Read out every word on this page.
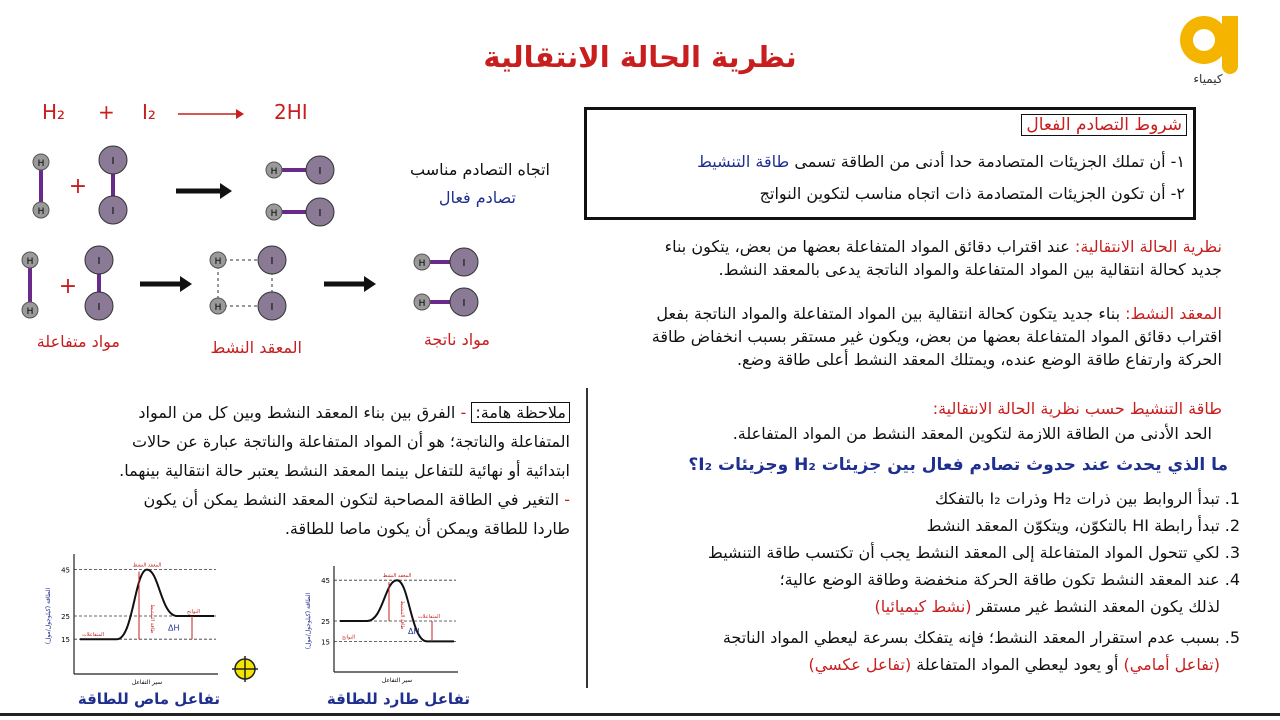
نظرية الحالة الانتقالية
كيمياء
H₂ + I₂	2HI
H
H
+
I
I
H	I
H	I
اتجاه التصادم مناسب
تصادم فعال
H
H
+
I
I
H
H
I
I
H	I
H	I
مواد متفاعلة	المعقد النشط	مواد ناتجة
شروط التصادم الفعال
١- أن تملك الجزيئات المتصادمة حدا أدنى من الطاقة تسمى طاقة التنشيط
٢- أن تكون الجزيئات المتصادمة ذات اتجاه مناسب لتكوين النواتج
نظرية الحالة الانتقالية: عند اقتراب دقائق المواد المتفاعلة بعضها من بعض، يتكون بناء
جديد كحالة انتقالية بين المواد المتفاعلة والمواد الناتجة يدعى بالمعقد النشط.
المعقد النشط: بناء جديد يتكون كحالة انتقالية بين المواد المتفاعلة والمواد الناتجة بفعل
اقتراب دقائق المواد المتفاعلة بعضها من بعض، ويكون غير مستقر بسبب انخفاض طاقة
الحركة وارتفاع طاقة الوضع عنده، ويمتلك المعقد النشط أعلى طاقة وضع.
طاقة التنشيط حسب نظرية الحالة الانتقالية:
الحد الأدنى من الطاقة اللازمة لتكوين المعقد النشط من المواد المتفاعلة.
ما الذي يحدث عند حدوث تصادم فعال بين جزيئات H₂ وجزيئات I₂؟
1. تبدأ الروابط بين ذرات H₂ وذرات I₂ بالتفكك
2. تبدأ رابطة HI بالتكوّن، ويتكوّن المعقد النشط
3. لكي تتحول المواد المتفاعلة إلى المعقد النشط يجب أن تكتسب طاقة التنشيط
4. عند المعقد النشط تكون طاقة الحركة منخفضة وطاقة الوضع عالية؛
لذلك يكون المعقد النشط غير مستقر (نشط كيميائيا)
5. بسبب عدم استقرار المعقد النشط؛ فإنه يتفكك بسرعة ليعطي المواد الناتجة
(تفاعل أمامي) أو يعود ليعطي المواد المتفاعلة (تفاعل عكسي)
ملاحظة هامة: - الفرق بين بناء المعقد النشط وبين كل من المواد
المتفاعلة والناتجة؛ هو أن المواد المتفاعلة والناتجة عبارة عن حالات
ابتدائية أو نهائية للتفاعل بينما المعقد النشط يعتبر حالة انتقالية بينهما.
- التغير في الطاقة المصاحبة لتكون المعقد النشط يمكن أن يكون
طاردا للطاقة ويمكن أن يكون ماصا للطاقة.
15
25
45
ΔH
المعقد النشط
طاقة التنشيط	النواتج
المتفاعلات
سير التفاعل
الطاقة (كيلوجول/مول)	15
25
45
ΔH
المعقد النشط
طاقة التنشيط	المتفاعلات
النواتج
سير التفاعل
الطاقة (كيلوجول/مول)
تفاعل ماص للطاقة	تفاعل طارد للطاقة
